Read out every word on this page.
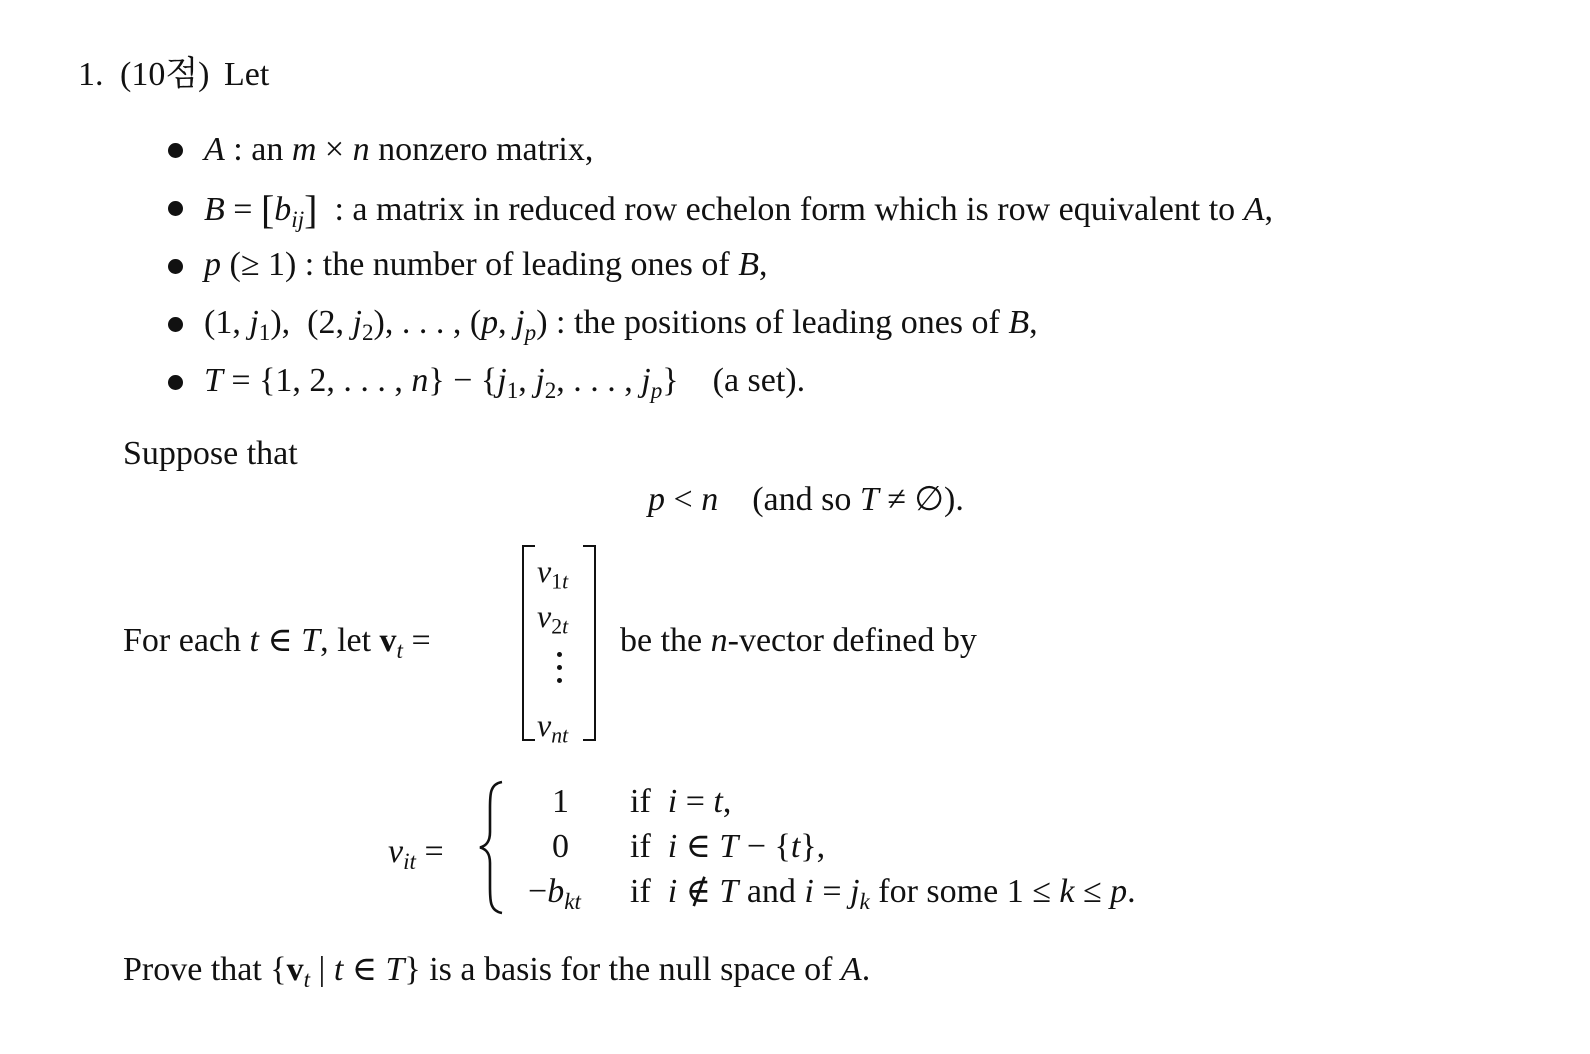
1. (10점) Let
A : an m × n nonzero matrix,
$B = [b_{ij}]$  : a matrix in reduced row echelon form which is row equivalent to A,
p (≥ 1) : the number of leading ones of B,
(1, $j_1$),  (2, $j_2$), . . . , (p, $j_p$) : the positions of leading ones of B,
T = {1, 2, . . . , $n\} - \{j_1$, $j_2$, . . . , $j_p$}    (a set).
Suppose that
p < n    (and so T ≠ ∅).
For each t ∈ T, let $v_t$ =
$v_{1t}$
$v_{2t}$
$v_{nt}$
be the n-vector defined by
$v_{it}$ =
1
0
$-b_{kt}$
if  i = t,
if  i ∈ T − {t},
if  i ∉ T and $i = j_k$ for some 1 ≤ k ≤ p.
Prove that {$v_t$ | t ∈ T} is a basis for the null space of A.
